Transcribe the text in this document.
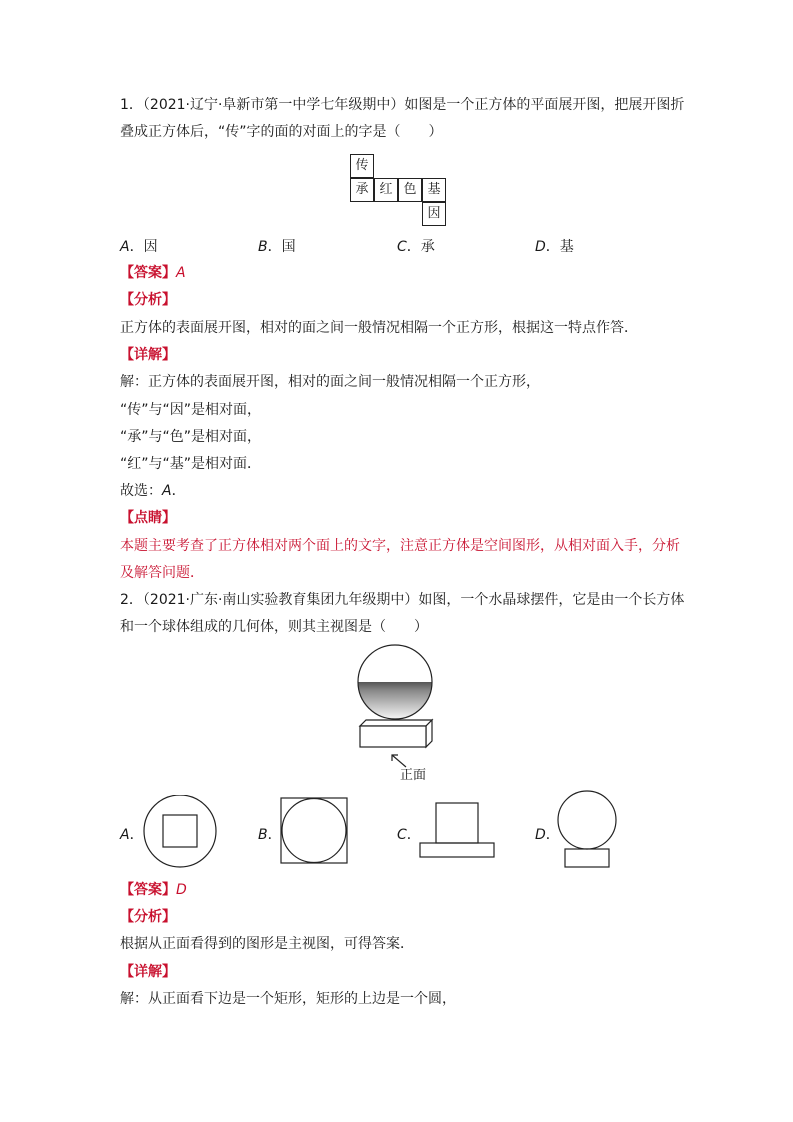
1．（2021·辽宁·阜新市第一中学七年级期中）如图是一个正方体的平面展开图，把展开图折
叠成正方体后，“传”字的面的对面上的字是（　　）
传
承 红 色 基
因
A．因	B．国	C．承	D．基
【答案】A
【分析】
正方体的表面展开图，相对的面之间一般情况相隔一个正方形，根据这一特点作答．
【详解】
解：正方体的表面展开图，相对的面之间一般情况相隔一个正方形，
“传”与“因”是相对面，
“承”与“色”是相对面，
“红”与“基”是相对面．
故选：A．
【点睛】
本题主要考查了正方体相对两个面上的文字，注意正方体是空间图形，从相对面入手，分析
及解答问题．
2．（2021·广东·南山实验教育集团九年级期中）如图，一个水晶球摆件，它是由一个长方体
和一个球体组成的几何体，则其主视图是（　　）
正面
A．	B．	C．	D．
【答案】D
【分析】
根据从正面看得到的图形是主视图，可得答案．
【详解】
解：从正面看下边是一个矩形，矩形的上边是一个圆，
